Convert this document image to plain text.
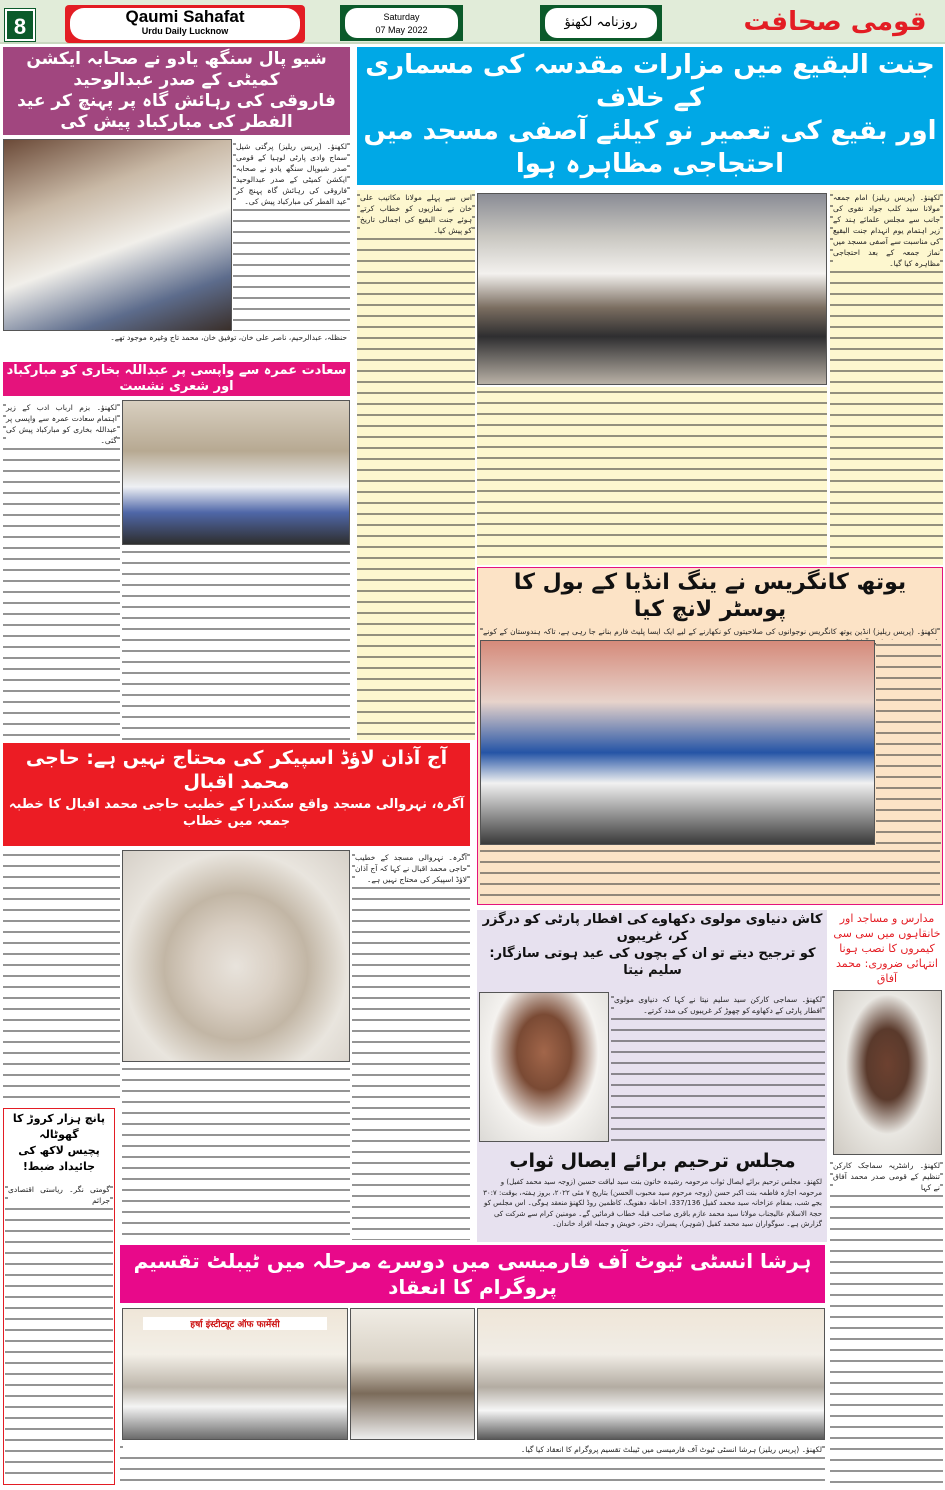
8	Qaumi Sahafat
Urdu Daily Lucknow
Saturday
07 May 2022	روزنامہ لکھنؤ	قومی صحافت
شیو پال سنگھ یادو نے صحابہ ایکشن کمیٹی کے صدر عبدالوحید
فاروقی کی رہائش گاہ پر پہنچ کر عید الفطر کی مبارکباد پیش کی
لکھنؤ۔ (پریس ریلیز) پرگتی شیل سماج وادی پارٹی لوہیا کے قومی صدر شیوپال سنگھ یادو نے صحابہ ایکشن کمیٹی کے صدر عبدالوحید فاروقی کی رہائش گاہ پہنچ کر عید الفطر کی مبارکباد پیش کی۔
حنظلہ، عبدالرحیم، ناصر علی خان، توفیق خان، محمد تاج وغیرہ موجود تھے۔
سعادت عمرہ سے واپسی پر عبداللہ بخاری کو مبارکباد اور شعری نشست
لکھنؤ۔ بزم ارباب ادب کے زیر اہتمام سعادت عمرہ سے واپسی پر عبداللہ بخاری کو مبارکباد پیش کی گئی۔
جنت البقیع میں مزارات مقدسہ کی مسماری کے خلاف
اور بقیع کی تعمیر نو کیلئے آصفی مسجد میں احتجاجی مظاہرہ ہوا
لکھنؤ۔ (پریس ریلیز) امام جمعہ مولانا سید کلب جواد نقوی کی جانب سے مجلس علمائے ہند کے زیر اہتمام یوم انہدام جنت البقیع کی مناسبت سے آصفی مسجد میں نماز جمعہ کے بعد احتجاجی مظاہرہ کیا گیا۔
اس سے پہلے مولانا مکاتیب علی خان نے نمازیوں کو خطاب کرتے ہوئے جنت البقیع کی اجمالی تاریخ کو پیش کیا۔
یوتھ کانگریس نے ینگ انڈیا کے بول کا پوسٹر لانچ کیا
لکھنؤ۔ (پریس ریلیز) انڈین یوتھ کانگریس نوجوانوں کی صلاحیتوں کو نکھارنے کے لیے ایک ایسا پلیٹ فارم بنانے جا رہی ہے، تاکہ ہندوستان کے کونے
آج آذان لاؤڈ اسپیکر کی محتاج نہیں ہے: حاجی محمد اقبال
آگرہ، نہروالی مسجد واقع سکندرا کے خطیب حاجی محمد اقبال کا خطبہ جمعہ میں خطاب
آگرہ۔ نہروالی مسجد کے خطیب حاجی محمد اقبال نے کہا کہ آج آذان لاؤڈ اسپیکر کی محتاج نہیں ہے۔
پانچ ہزار کروڑ کا گھوٹالہ
پچیس لاکھ کی جائیداد ضبط!
گومتی نگر۔ ریاستی اقتصادی جرائم
کاش دنیاوی مولوی دکھاوے کی افطار پارٹی کو درگزر کر، غریبوں
کو ترجیح دیتے تو ان کے بچوں کی عید ہوتی سازگار: سلیم نیتا
لکھنؤ۔ سماجی کارکن سید سلیم نیتا نے کہا کہ دنیاوی مولوی افطار پارٹی کے دکھاوے کو چھوڑ کر غریبوں کی مدد کرتے۔
مجلس ترحیم برائے ایصال ثواب
لکھنؤ۔ مجلس ترحیم برائے ایصال ثواب مرحومہ رشیدہ خاتون بنت سید لیاقت حسین (زوجہ سید محمد کفیل) و مرحومہ اجازہ فاطمہ بنت اکبر حسن (زوجہ مرحوم سید محبوب الحسن) بتاریخ ۷ مئی ۲۰۲۲، بروز ہفتہ، بوقت: ۳۰:۷ بجے شب، بمقام عزاخانہ سید محمد کفیل 337/136، احاطہ دھنویگ، کاظمین روڈ لکھنؤ منعقد ہوگی۔ اس مجلس کو حجۃ الاسلام عالیجناب مولانا سید محمد عازم باقری صاحب قبلہ خطاب فرمائیں گے۔ مومنین کرام سے شرکت کی گزارش ہے۔ سوگواران سید محمد کفیل (شوہر)، پسران، دختر، خویش و جملہ افراد خاندان۔
مدارس و مساجد اور خانقاہوں میں سی سی کیمروں کا نصب ہونا انتہائی ضروری: محمد آفاق
لکھنؤ۔ راشٹریہ سماجک کارکن تنظیم کے قومی صدر محمد آفاق نے کہا
ہرشا انسٹی ٹیوٹ آف فارمیسی میں دوسرے مرحلہ میں ٹیبلٹ تقسیم پروگرام کا انعقاد
हर्षा इंस्टीट्यूट ऑफ फार्मेसी
لکھنؤ۔ (پریس ریلیز) ہرشا انسٹی ٹیوٹ آف فارمیسی میں ٹیبلٹ تقسیم پروگرام کا انعقاد کیا گیا۔
